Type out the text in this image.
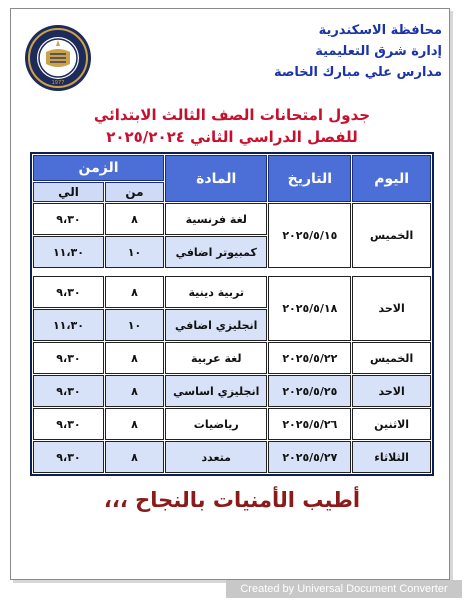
1977
محافظة الاسكندرية
إدارة شرق التعليمية
مدارس علي مبارك الخاصة
جدول امتحانات الصف الثالث الابتدائي
للفصل الدراسي الثاني ٢٠٢٥/٢٠٢٤
اليوم	التاريخ	المادة	الزمن	
			من	الي
الخميس	٢٠٢٥/٥/١٥	لغة فرنسية	٨	٩،٣٠
		كمبيوتر اضافي	١٠	١١،٣٠

الاحد	٢٠٢٥/٥/١٨	تربية دينية	٨	٩،٣٠
		انجليزي اضافي	١٠	١١،٣٠
الخميس	٢٠٢٥/٥/٢٢	لغة عربية	٨	٩،٣٠
الاحد	٢٠٢٥/٥/٢٥	انجليزي اساسي	٨	٩،٣٠
الاثنين	٢٠٢٥/٥/٢٦	رياضيات	٨	٩،٣٠
الثلاثاء	٢٠٢٥/٥/٢٧	متعدد	٨	٩،٣٠
أطيب الأمنيات بالنجاح ،،،
Created by Universal Document Converter
